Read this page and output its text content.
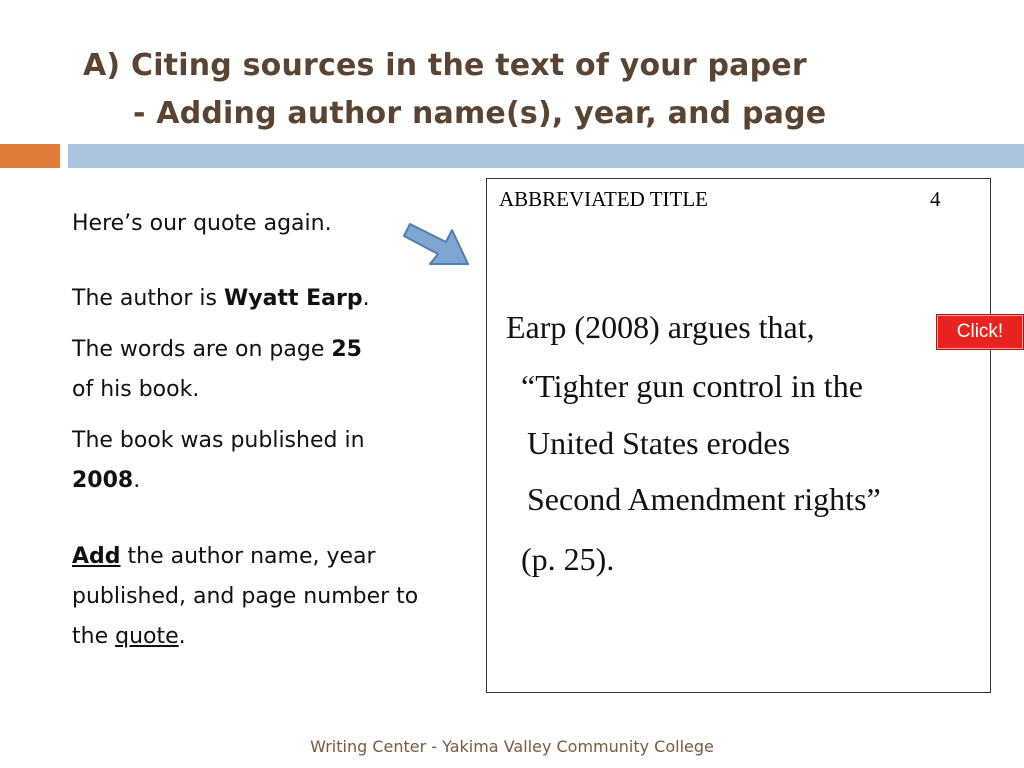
A) Citing sources in the text of your paper
- Adding author name(s), year, and page
Here’s our quote again.
The author is Wyatt Earp.
The words are on page 25
of his book.
The book was published in
2008.
Add the author name, year published, and page number to the quote.
ABBREVIATED TITLE	4
Earp (2008) argues that,
“Tighter gun control in the
United States erodes
Second Amendment rights”
(p. 25).
Click!
Writing Center - Yakima Valley Community College
